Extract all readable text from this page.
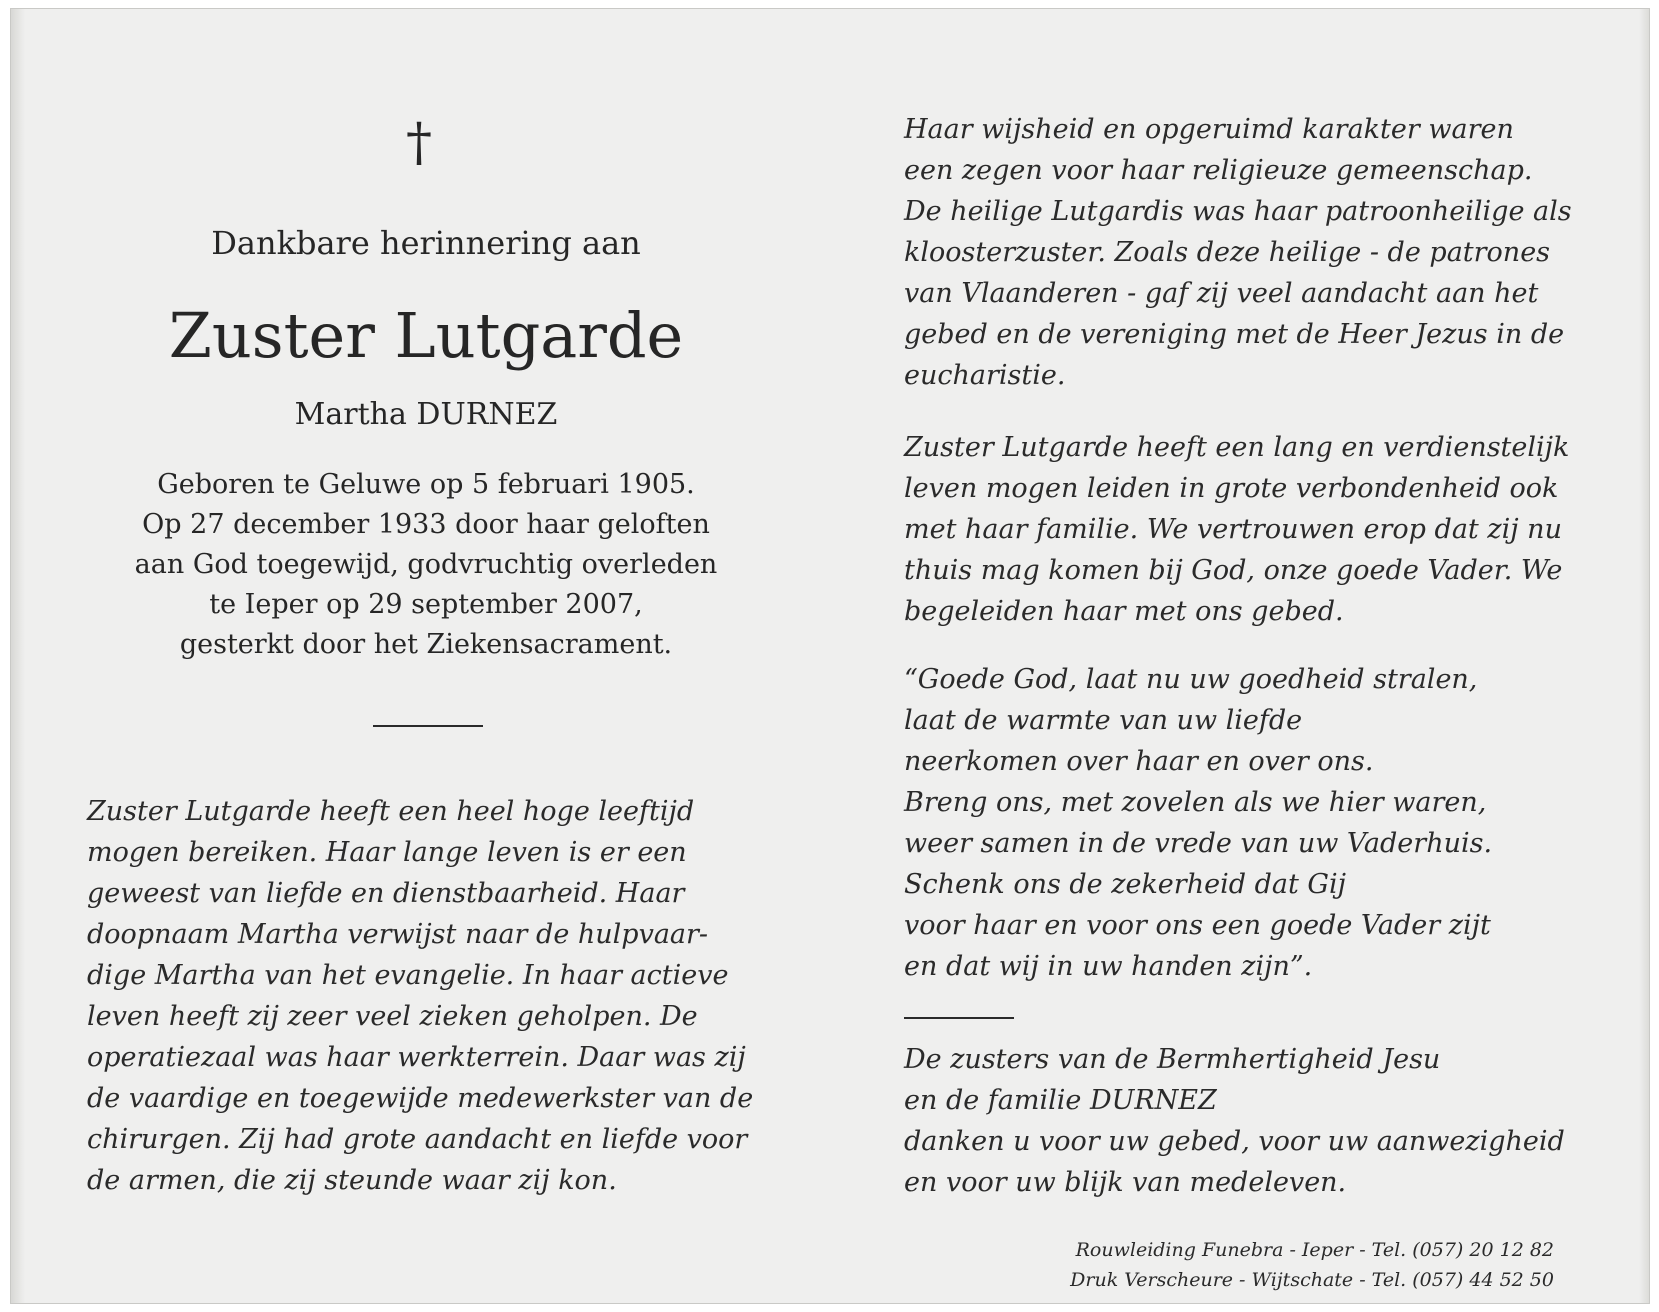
†
Dankbare herinnering aan
Zuster Lutgarde
Martha DURNEZ
Geboren te Geluwe op 5 februari 1905.
Op 27 december 1933 door haar geloften
aan God toegewijd, godvruchtig overleden
te Ieper op 29 september 2007,
gesterkt door het Ziekensacrament.
Zuster Lutgarde heeft een heel hoge leeftijd
mogen bereiken. Haar lange leven is er een
geweest van liefde en dienstbaarheid. Haar
doopnaam Martha verwijst naar de hulpvaar-
dige Martha van het evangelie. In haar actieve
leven heeft zij zeer veel zieken geholpen. De
operatiezaal was haar werkterrein. Daar was zij
de vaardige en toegewijde medewerkster van de
chirurgen. Zij had grote aandacht en liefde voor
de armen, die zij steunde waar zij kon.
Haar wijsheid en opgeruimd karakter waren
een zegen voor haar religieuze gemeenschap.
De heilige Lutgardis was haar patroonheilige als
kloosterzuster. Zoals deze heilige - de patrones
van Vlaanderen - gaf zij veel aandacht aan het
gebed en de vereniging met de Heer Jezus in de
eucharistie.
Zuster Lutgarde heeft een lang en verdienstelijk
leven mogen leiden in grote verbondenheid ook
met haar familie. We vertrouwen erop dat zij nu
thuis mag komen bij God, onze goede Vader. We
begeleiden haar met ons gebed.
“Goede God, laat nu uw goedheid stralen,
laat de warmte van uw liefde
neerkomen over haar en over ons.
Breng ons, met zovelen als we hier waren,
weer samen in de vrede van uw Vaderhuis.
Schenk ons de zekerheid dat Gij
voor haar en voor ons een goede Vader zijt
en dat wij in uw handen zijn”.
De zusters van de Bermhertigheid Jesu
en de familie DURNEZ
danken u voor uw gebed, voor uw aanwezigheid
en voor uw blijk van medeleven.
Rouwleiding Funebra - Ieper - Tel. (057) 20 12 82
Druk Verscheure - Wijtschate - Tel. (057) 44 52 50
